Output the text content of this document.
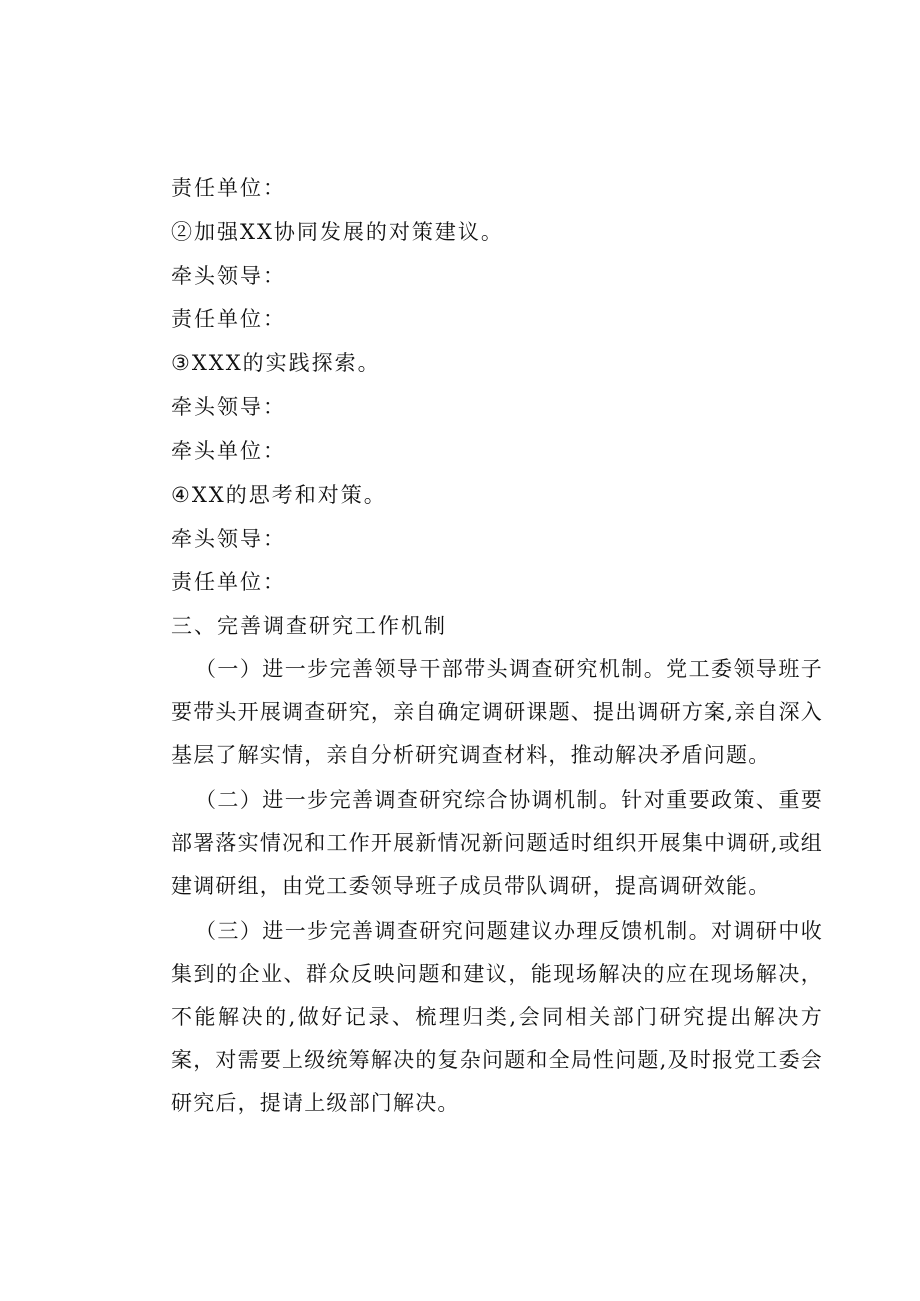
责任单位：
②加强XX协同发展的对策建议。
牵头领导：
责任单位：
③XXX的实践探索。
牵头领导：
牵头单位：
④XX的思考和对策。
牵头领导：
责任单位：
三、完善调查研究工作机制
（一）进一步完善领导干部带头调查研究机制。党工委领导班子要带头开展调查研究，亲自确定调研课题、提出调研方案,亲自深入基层了解实情，亲自分析研究调查材料，推动解决矛盾问题。
（二）进一步完善调查研究综合协调机制。针对重要政策、重要部署落实情况和工作开展新情况新问题适时组织开展集中调研,或组建调研组，由党工委领导班子成员带队调研，提高调研效能。
（三）进一步完善调查研究问题建议办理反馈机制。对调研中收集到的企业、群众反映问题和建议，能现场解决的应在现场解决，不能解决的,做好记录、梳理归类,会同相关部门研究提出解决方案，对需要上级统筹解决的复杂问题和全局性问题,及时报党工委会研究后，提请上级部门解决。
